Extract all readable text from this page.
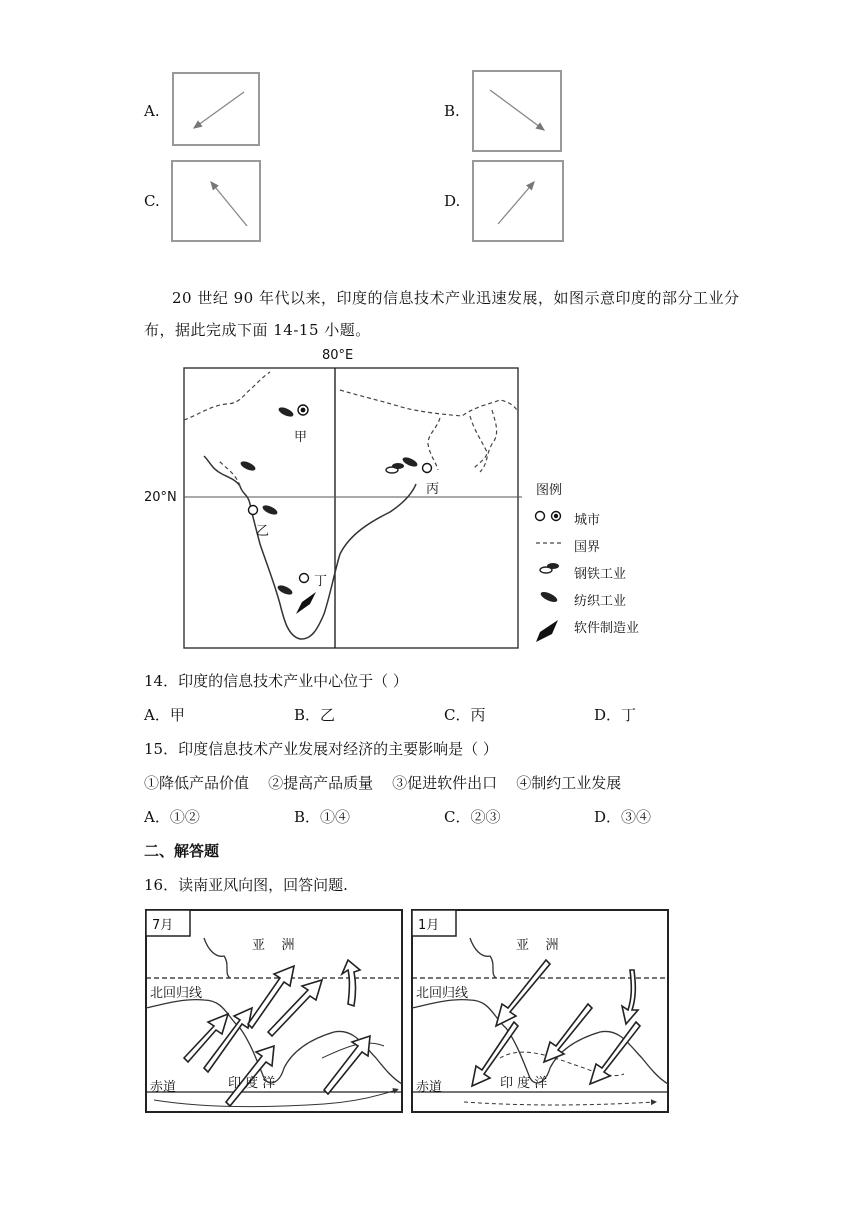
A.	B.
C.	D.
20 世纪 90 年代以来，印度的信息技术产业迅速发展，如图示意印度的部分工业分
布，据此完成下面 14-15 小题。
80°E
20°N
甲
乙
丙
丁
图例
城市
国界
钢铁工业
纺织工业
软件制造业
14．印度的信息技术产业中心位于（ ）
A．甲	B．乙	C．丙	D．丁
15．印度信息技术产业发展对经济的主要影响是（ ）
①降低产品价值    ②提高产品质量    ③促进软件出口    ④制约工业发展
A．①②	B．①④	C．②③	D．③④
二、解答题
16．读南亚风向图，回答问题.
7月
亚    洲
北回归线
赤道	印 度 洋
1月
亚    洲
北回归线
赤道	印 度 洋
